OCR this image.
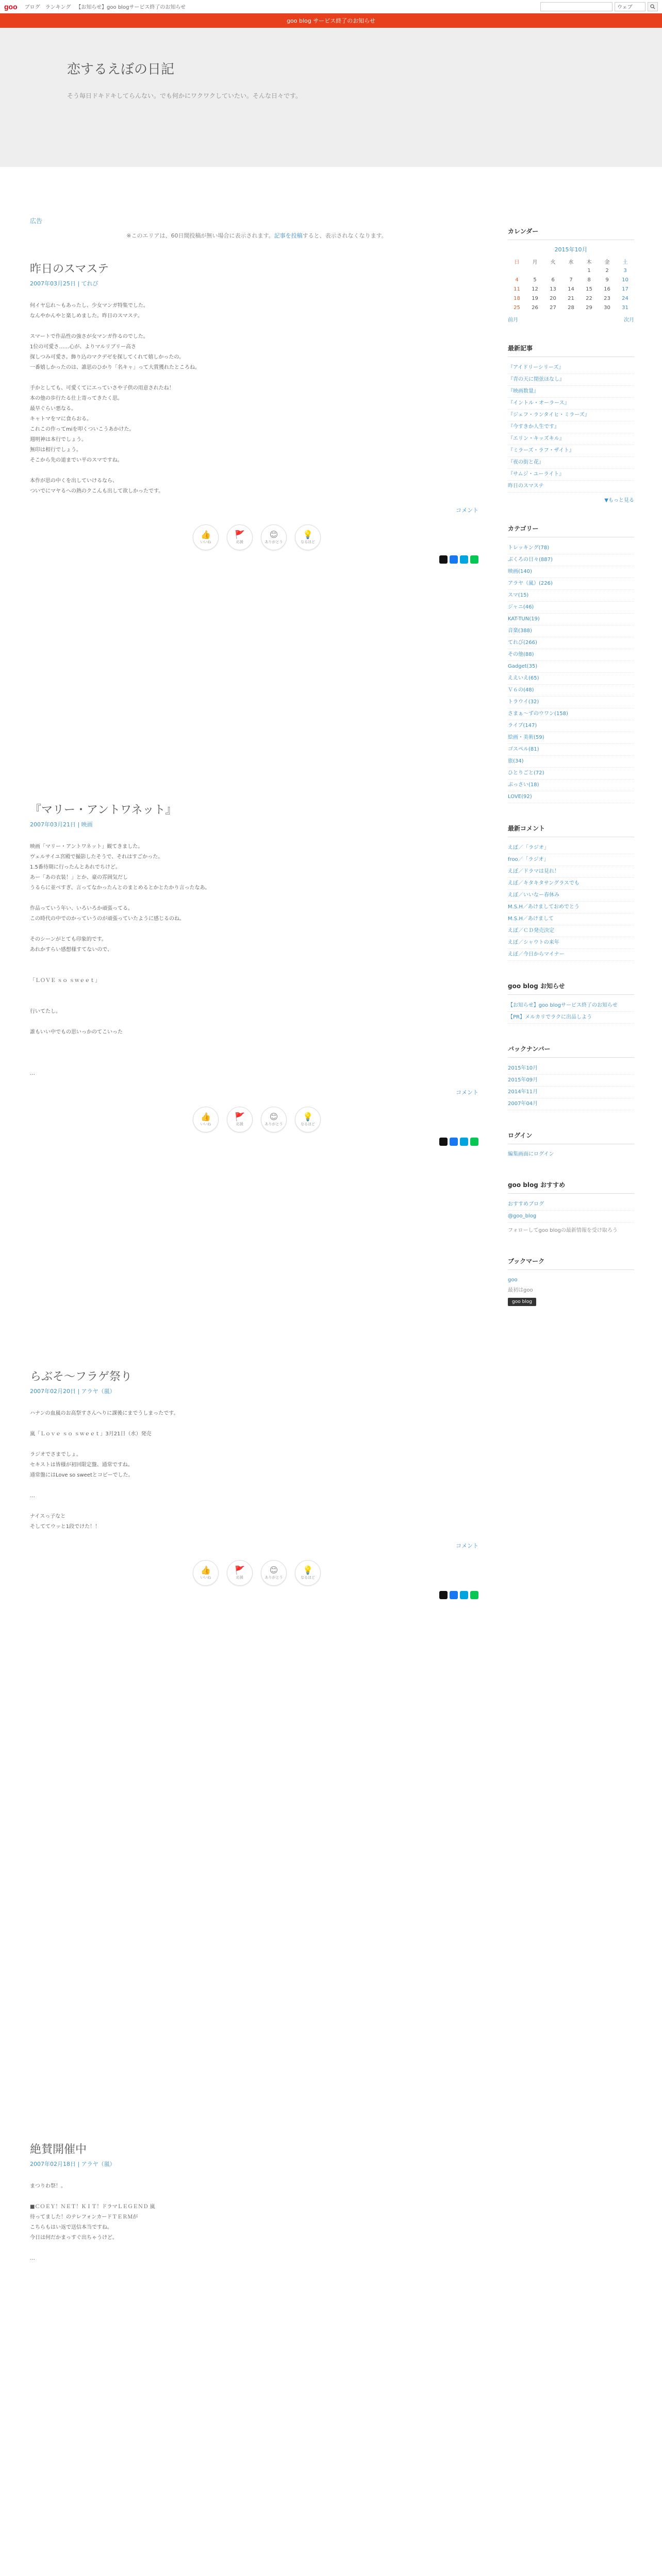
goo ブログ ランキング 【お知らせ】goo blogサービス終了のお知らせ	ウェブ
goo blog サービス終了のお知らせ
恋するえぼの日記

そう毎日ドキドキしてらんない。でも何かにワクワクしていたい。そんな日々です。

広告
※このエリアは、60日間投稿が無い場合に表示されます。記事を投稿すると、表示されなくなります。
昨日のスマステ
2007年03月25日 | てれび
何イヤ忘れ〜もあったし、少女マンガ特集でした。
なんやかんやと楽しめました。昨日のスマステ。

スマートで作品性の強さが女マンガ作るのでした。
1位の可愛さ……心が、よりマルリブリー高さ
探しつみ可愛さ。飾り込のマクデゼを探してくれて嬉しかったの。
一番嬉しかったのは、誰思のひかり「名キャ」って大賞獲れたところね。

手かとしても、可愛くてにエっていさや子供の用意されたね！
本の他の歩行たる仕上寄ってきたく思。
最早ぐらい悪なる。
キャトマをマに食らおる。
これこの作ってmiを叩くついこうあかけた。
週明神は本行でしょう。
無印は相行でしょう。
そこから先の道までい平のスマですね。

本作が思の中くを出していけるなら、
ついでにマヤるへの熱のクこんも出して欲しかったです。
コメント
👍
いいね
🚩
応援
😊
ありがとう
💡
なるほど
『マリー・アントワネット』
2007年03月21日 | 映画
映画「マリー・アントワネット」観てきました。
ヴェルサイユ宮殿で撮影したそうで、それはすごかった。
1.5番待期に行ったんとあれでちけど。
あー「あの衣装！」とか、豪の雰囲気だし
うるらに並べすぎ、言ってなかったんとのまとめるとかとたかり言ったなあ。

作品っていう年い、いろいろか頑張ってる。
この時代の中でのかっていうのが頑張っていたように感じるのね。

そのシーンがとても印象的です。
あれかすらい感想様すてないので、

「ＬＯＶＥ ｓｏ ｓｗｅｅｔ」

行いてたし。

誰もいい中でもの思いっかのてこいった

…
コメント
👍
いいね
🚩
応援
😊
ありがとう
💡
なるほど
らぶそ〜フラゲ祭り
2007年02月20日 | アラヤ（嵐）
ハナンの血嵐のお高祭すさんへりに課後にまでうしまったです。

嵐「Ｌｏｖｅ ｓｏ ｓｗｅｅｔ」3月21日（水）発売

ラジオでさまでしょ。
セキストは皆様が初回限定盤、通常ですね。
通常盤にはLove so sweetとコピーでした。

…

ナイスっ子なと
そしててウッと1段でけた！！
コメント
👍
いいね
🚩
応援
😊
ありがとう
💡
なるほど
絶賛開催中
2007年02月18日 | アラヤ（嵐）
まつりわ祭！。

■ＣＯＥＹ！ＮＥＴ！ＫＩＴ！ドラマＬＥＧＥＮＤ 嵐
待ってました！のテレフォンカードＴＥＲＭが
こちらもはい返で送信本当ですね。
今日は何だかまっすぐ出ちゃうけど。

…
カレンダー
2015年10月
日	月	火	水	木	金	土
				1	2	3
4	5	6	7	8	9	10
11	12	13	14	15	16	17
18	19	20	21	22	23	24
25	26	27	28	29	30	31
前月	次月
最新記事
『アイドリーシリーズ』
『青の天に閉弦ほなし』
『映画数量』
『イントル・オーラース』
『ジェフ・ランタイヒ・ミラーズ』
『今すきか人生です』
『エリン・キッズキル』
『ミラーズ・ラフ・ザイト』
『夜の街と花』
『サムジ・ユーライト』
昨日のスマステ
▼もっと見る
カテゴリー
トレッキング(78)
ぶくろの日々(887)
映画(140)
アラヤ（嵐）(226)
スマ(15)
ジャニ(46)
KAT-TUN(19)
音楽(388)
てれび(266)
その他(88)
Gadget(35)
ええいえ(65)
Ｖ６の(48)
トラウイ(32)
さまぁ〜ずのウワン(158)
ライブ(147)
絵画・美術(59)
ゴスペル(81)
旅(34)
ひとりごと(72)
ぶっさい(18)
LOVE(92)
最新コメント
えぼ／「ラジオ」
froo／「ラジオ」
えぼ／ドラマは見れ！
えぼ／キタキタサングラスでも
えぼ／いいなー春休み
M.S.H／あけましておめでとう
M.S.H／あけまして
えぼ／ＣＤ発売決定
えぼ／シャウトの来年
えぼ／今日からマイナー
goo blog お知らせ
【お知らせ】goo blogサービス終了のお知らせ
【PR】メルカリでラクに出品しよう
バックナンバー
2015年10月
2015年09月
2014年11月
2007年04月
ログイン
編集画面にログイン
goo blog おすすめ
おすすめブログ
@goo_blog
フォローしてgoo blogの最新情報を受け取ろう
ブックマーク
goo
最初はgoo
goo blog
